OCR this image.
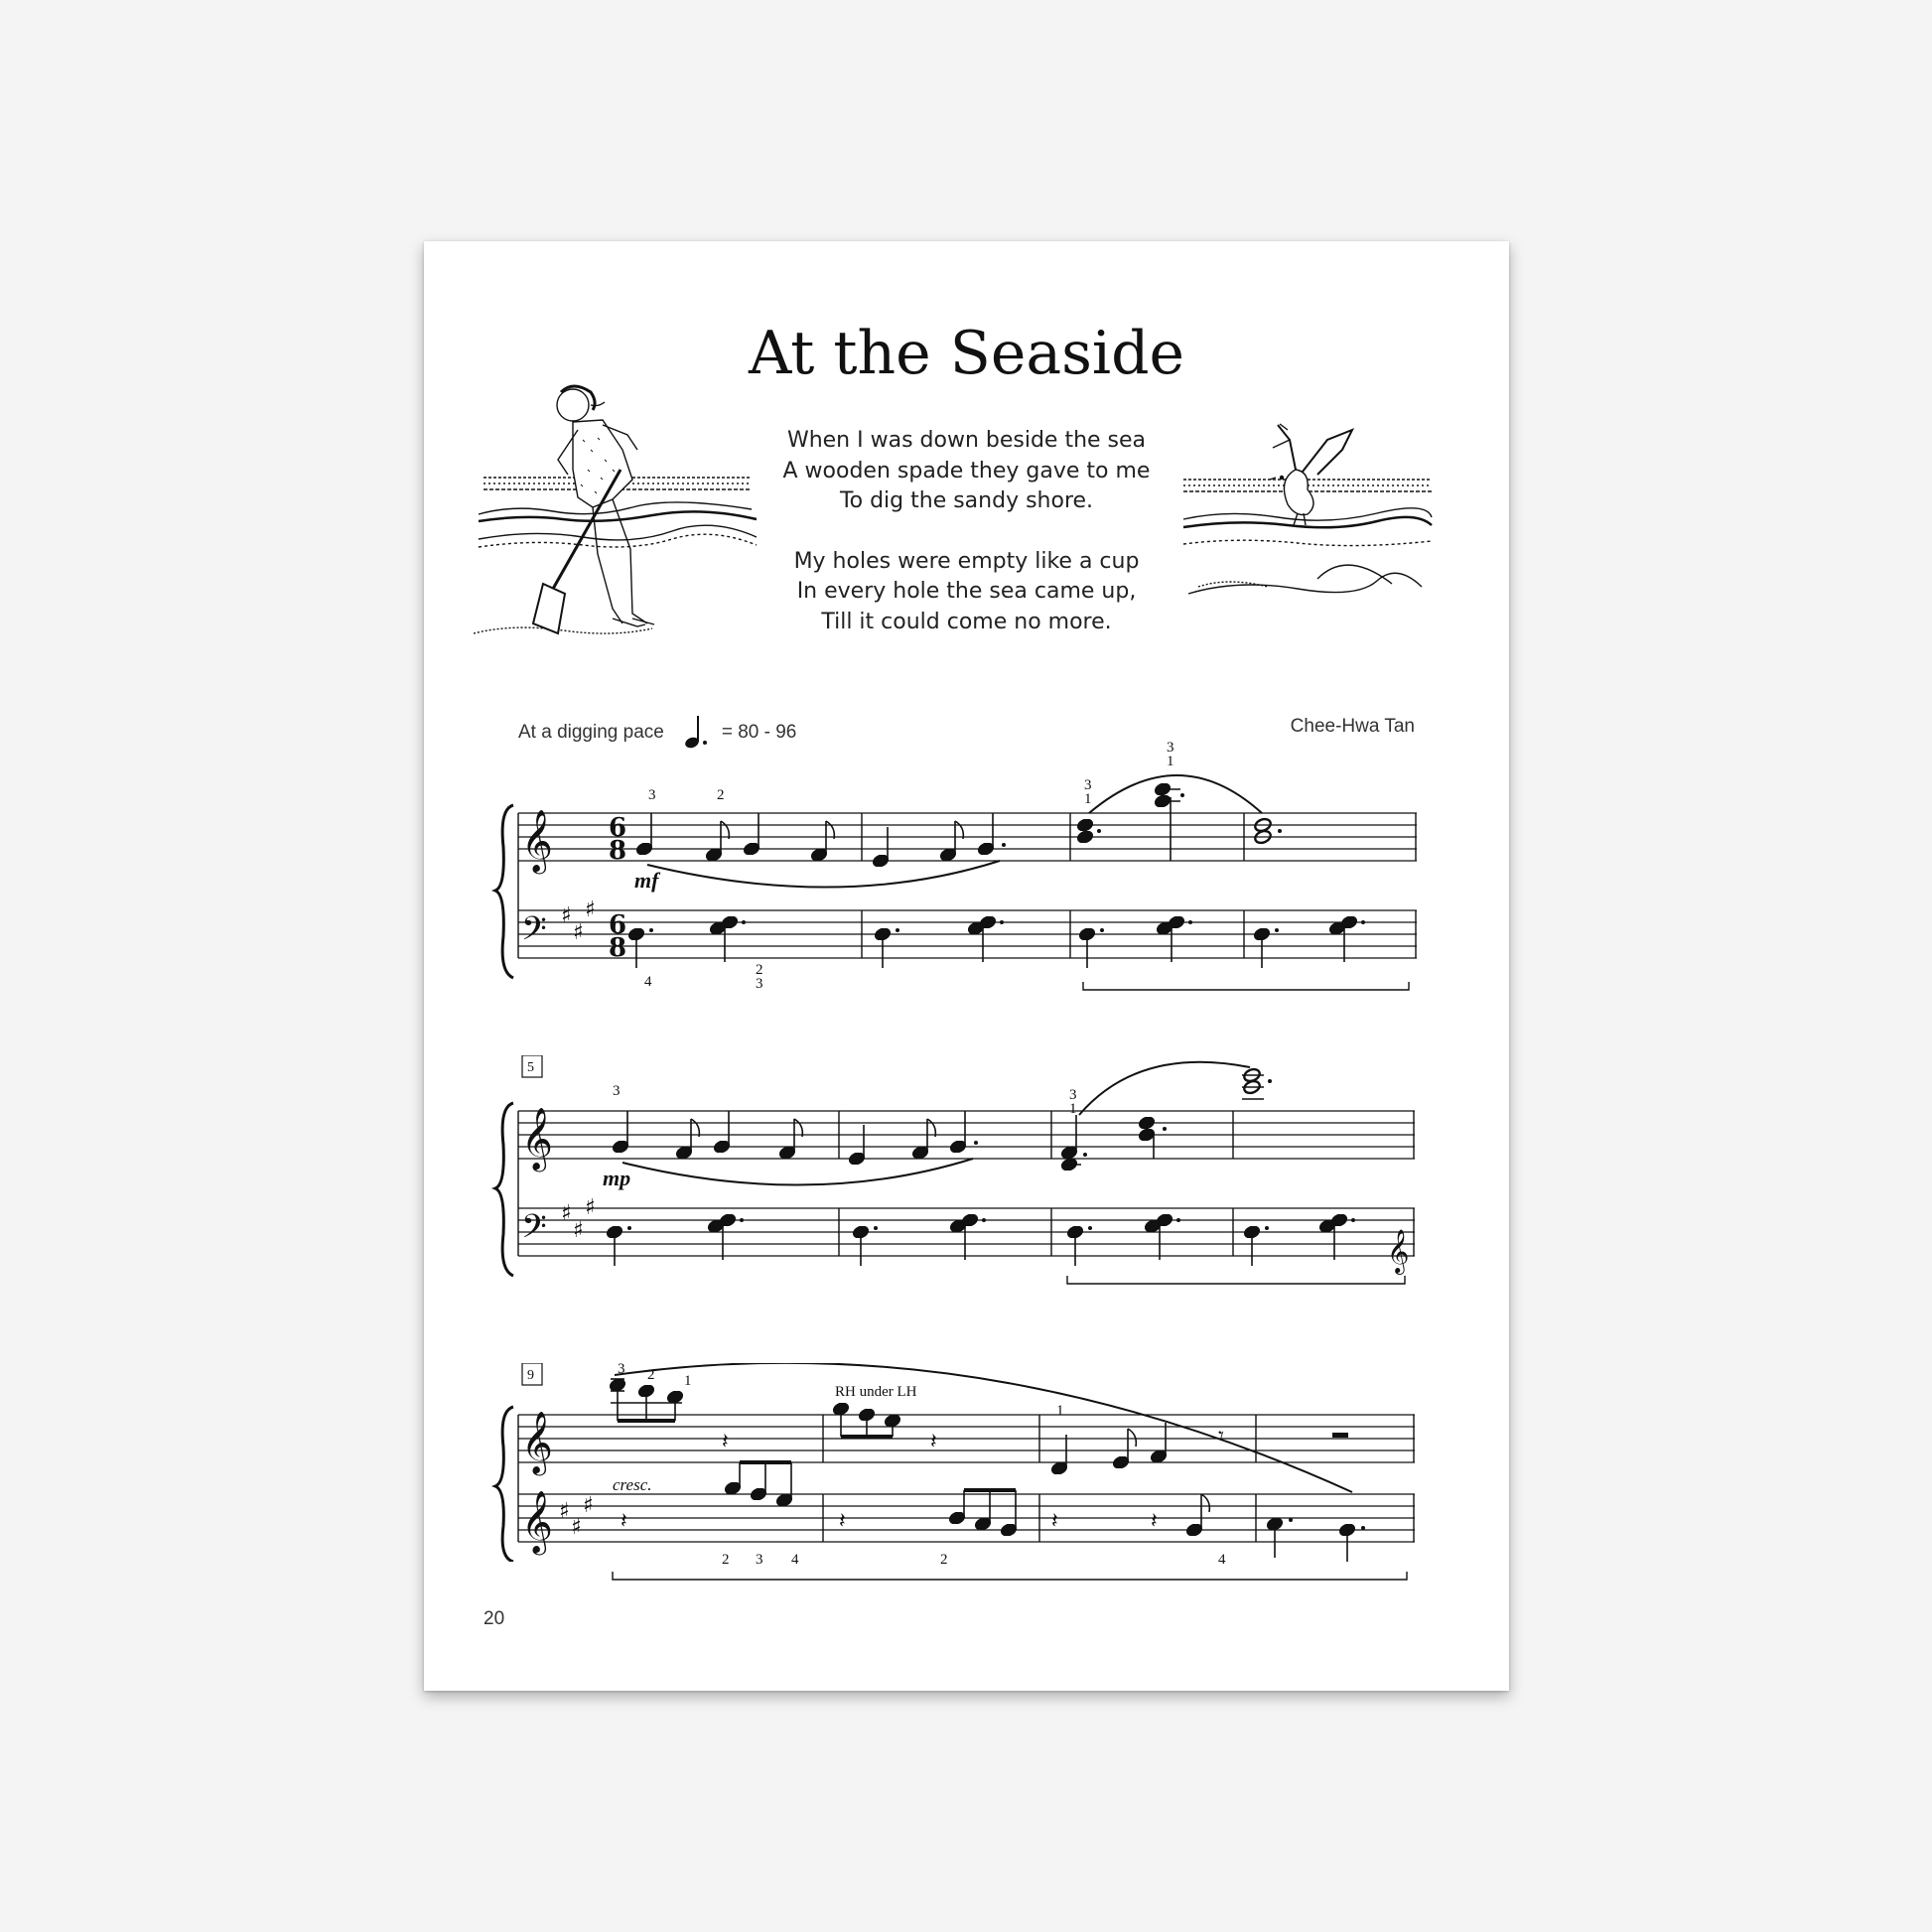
At the Seaside
When I was down beside the sea
A wooden spade they gave to me
To dig the sandy shore.
My holes were empty like a cup
In every hole the sea came up,
Till it could come no more.
At a digging pace	= 80 - 96	Chee-Hwa Tan
𝄞
𝄢 ♯
♯
♯
6
8
6
8
3	2
3
1
3
1
4
2
3
mf
5
𝄞
𝄢 ♯
♯
♯
𝄞
3	3
1
mp
9
𝄞
𝄞 ♯
♯
♯
𝄽	𝄽	𝄾
𝄽	𝄽	𝄽	𝄽
RH under LH
3 2 1
3	1
cresc.
2 3 4	2	4
20
